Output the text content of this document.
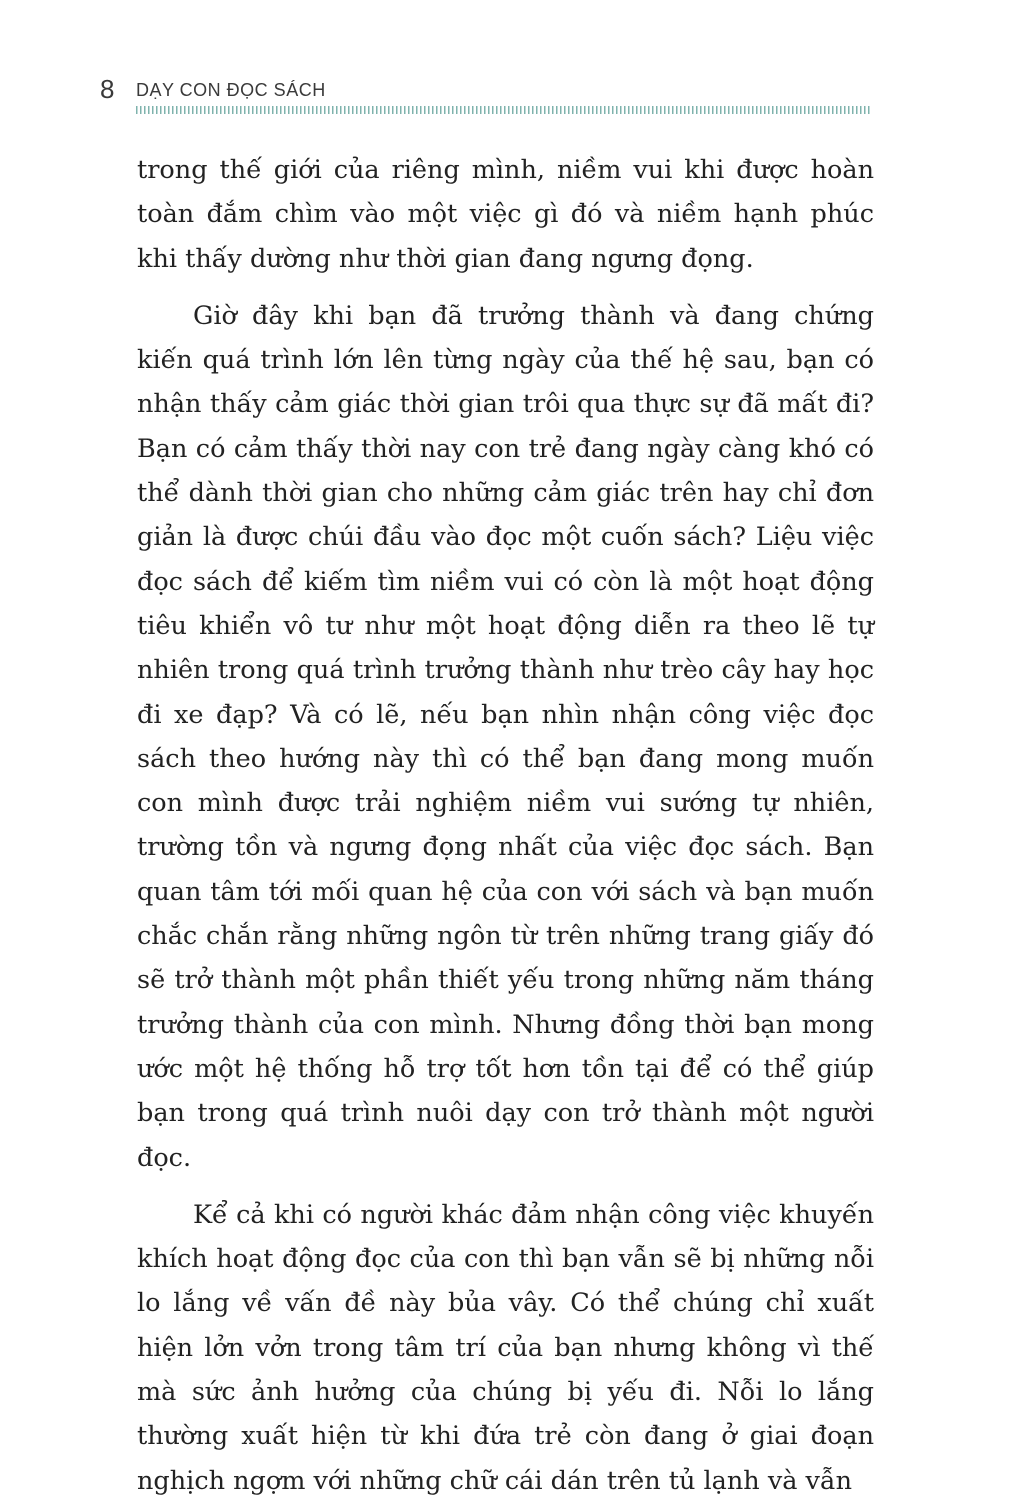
8 DẠY CON ĐỌC SÁCH

trong thế giới của riêng mình, niềm vui khi được hoàn toàn đắm chìm vào một việc gì đó và niềm hạnh phúc khi thấy dường như thời gian đang ngưng đọng.

Giờ đây khi bạn đã trưởng thành và đang chứng kiến quá trình lớn lên từng ngày của thế hệ sau, bạn có nhận thấy cảm giác thời gian trôi qua thực sự đã mất đi? Bạn có cảm thấy thời nay con trẻ đang ngày càng khó có thể dành thời gian cho những cảm giác trên hay chỉ đơn giản là được chúi đầu vào đọc một cuốn sách? Liệu việc đọc sách để kiếm tìm niềm vui có còn là một hoạt động tiêu khiển vô tư như một hoạt động diễn ra theo lẽ tự nhiên trong quá trình trưởng thành như trèo cây hay học đi xe đạp? Và có lẽ, nếu bạn nhìn nhận công việc đọc sách theo hướng này thì có thể bạn đang mong muốn con mình được trải nghiệm niềm vui sướng tự nhiên, trường tồn và ngưng đọng nhất của việc đọc sách. Bạn quan tâm tới mối quan hệ của con với sách và bạn muốn chắc chắn rằng những ngôn từ trên những trang giấy đó sẽ trở thành một phần thiết yếu trong những năm tháng trưởng thành của con mình. Nhưng đồng thời bạn mong ước một hệ thống hỗ trợ tốt hơn tồn tại để có thể giúp bạn trong quá trình nuôi dạy con trở thành một người đọc.

Kể cả khi có người khác đảm nhận công việc khuyến khích hoạt động đọc của con thì bạn vẫn sẽ bị những nỗi lo lắng về vấn đề này bủa vây. Có thể chúng chỉ xuất hiện lởn vởn trong tâm trí của bạn nhưng không vì thế mà sức ảnh hưởng của chúng bị yếu đi. Nỗi lo lắng thường xuất hiện từ khi đứa trẻ còn đang ở giai đoạn nghịch ngợm với những chữ cái dán trên tủ lạnh và vẫn
